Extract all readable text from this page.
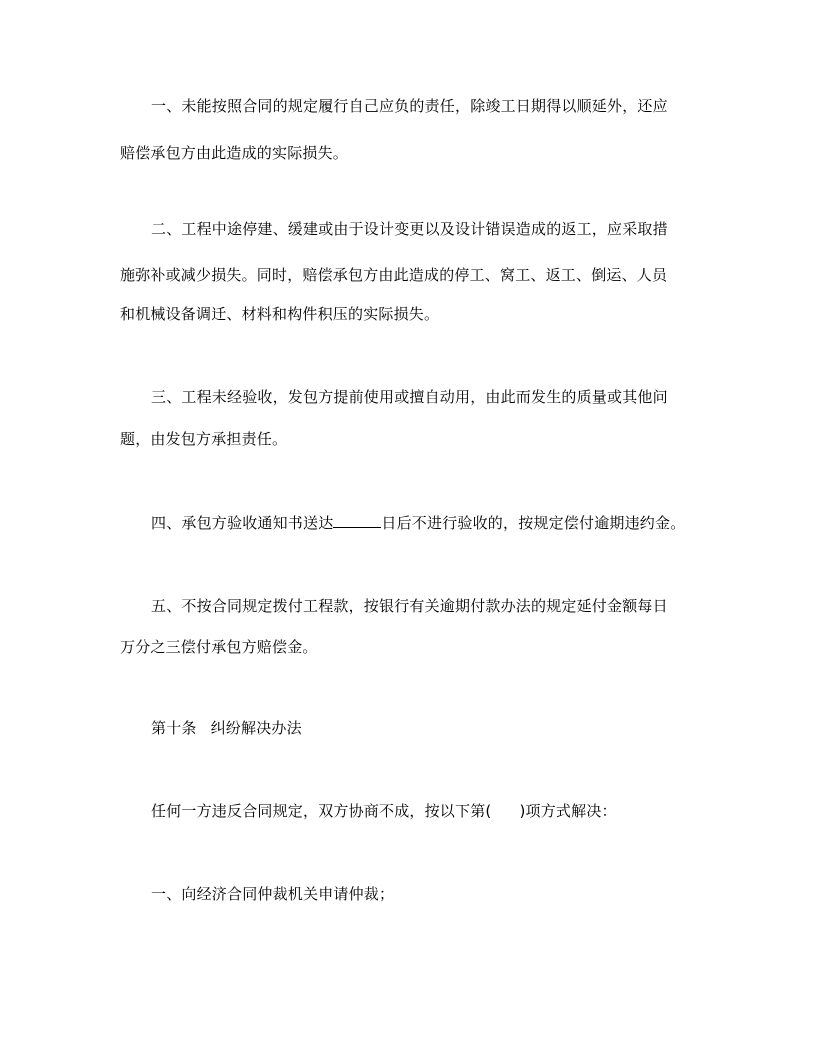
一、未能按照合同的规定履行自己应负的责任，除竣工日期得以顺延外，还应
赔偿承包方由此造成的实际损失。
二、工程中途停建、缓建或由于设计变更以及设计错误造成的返工，应采取措
施弥补或减少损失。同时，赔偿承包方由此造成的停工、窝工、返工、倒运、人员
和机械设备调迁、材料和构件积压的实际损失。
三、工程未经验收，发包方提前使用或擅自动用，由此而发生的质量或其他问
题，由发包方承担责任。
四、承包方验收通知书送达	日后不进行验收的，按规定偿付逾期违约金。
五、不按合同规定拨付工程款，按银行有关逾期付款办法的规定延付金额每日
万分之三偿付承包方赔偿金。
第十条 纠纷解决办法
任何一方违反合同规定，双方协商不成，按以下第( )项方式解决：
一、向经济合同仲裁机关申请仲裁；
